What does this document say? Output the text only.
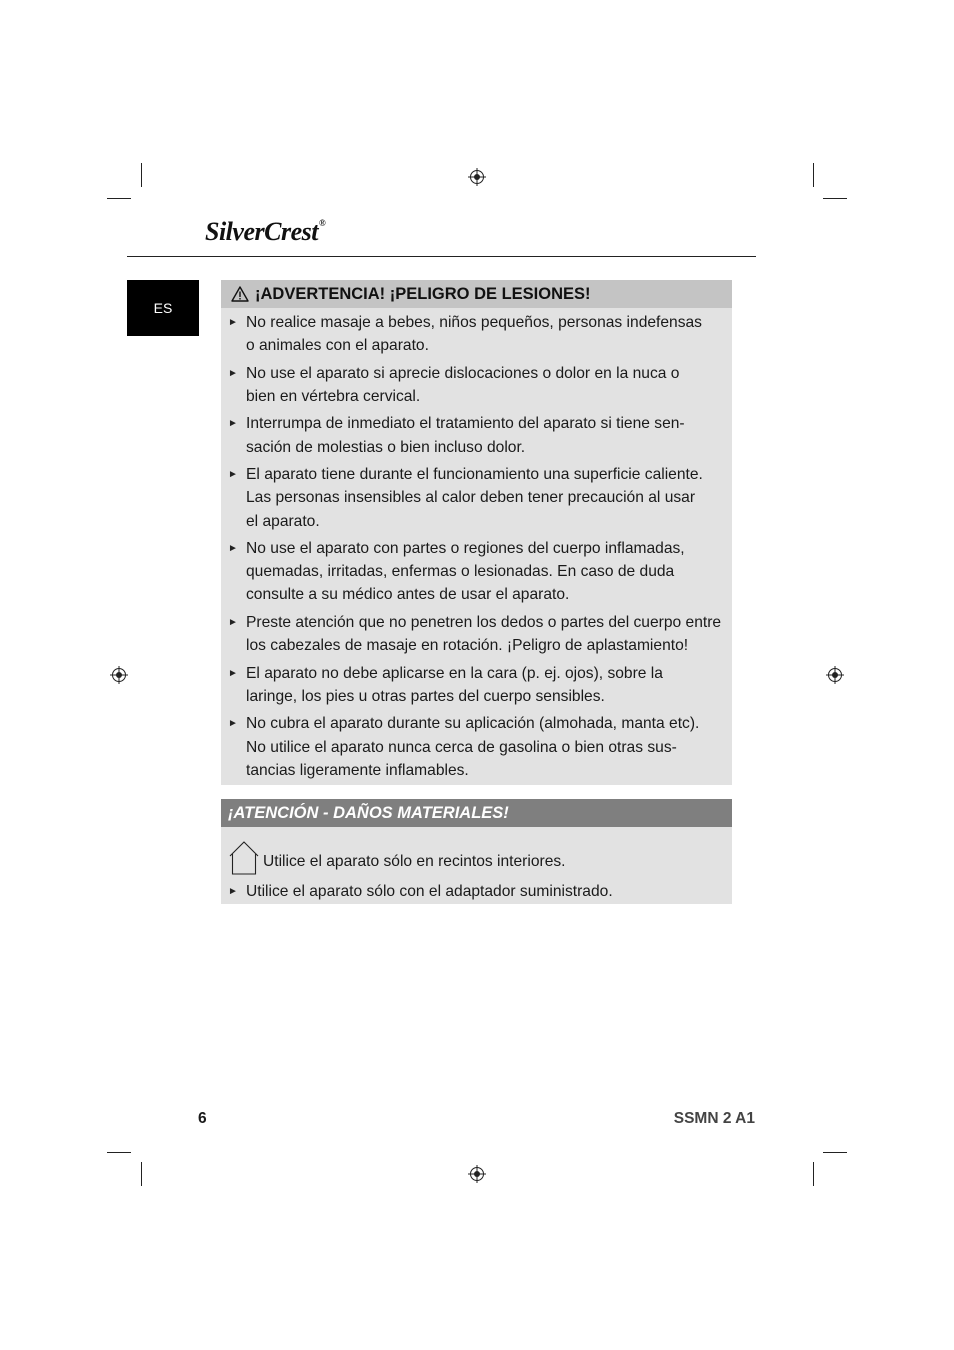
SilverCrest®
ES
¡ADVERTENCIA! ¡PELIGRO DE LESIONES!
► No realice masaje a bebes, niños pequeños, personas indefensas
o animales con el aparato.
► No use el aparato si aprecie dislocaciones o dolor en la nuca o
bien en vértebra cervical.
► Interrumpa de inmediato el tratamiento del aparato si tiene sen-
sación de molestias o bien incluso dolor.
► El aparato tiene durante el funcionamiento una superficie caliente.
Las personas insensibles al calor deben tener precaución al usar
el aparato.
► No use el aparato con partes o regiones del cuerpo inflamadas,
quemadas, irritadas, enfermas o lesionadas. En caso de duda
consulte a su médico antes de usar el aparato.
► Preste atención que no penetren los dedos o partes del cuerpo entre
los cabezales de masaje en rotación. ¡Peligro de aplastamiento!
► El aparato no debe aplicarse en la cara (p. ej. ojos), sobre la
laringe, los pies u otras partes del cuerpo sensibles.
► No cubra el aparato durante su aplicación (almohada, manta etc).
No utilice el aparato nunca cerca de gasolina o bien otras sus-
tancias ligeramente inflamables.
¡ATENCIÓN - DAÑOS MATERIALES!
Utilice el aparato sólo en recintos interiores.
► Utilice el aparato sólo con el adaptador suministrado.
6	SSMN 2 A1
